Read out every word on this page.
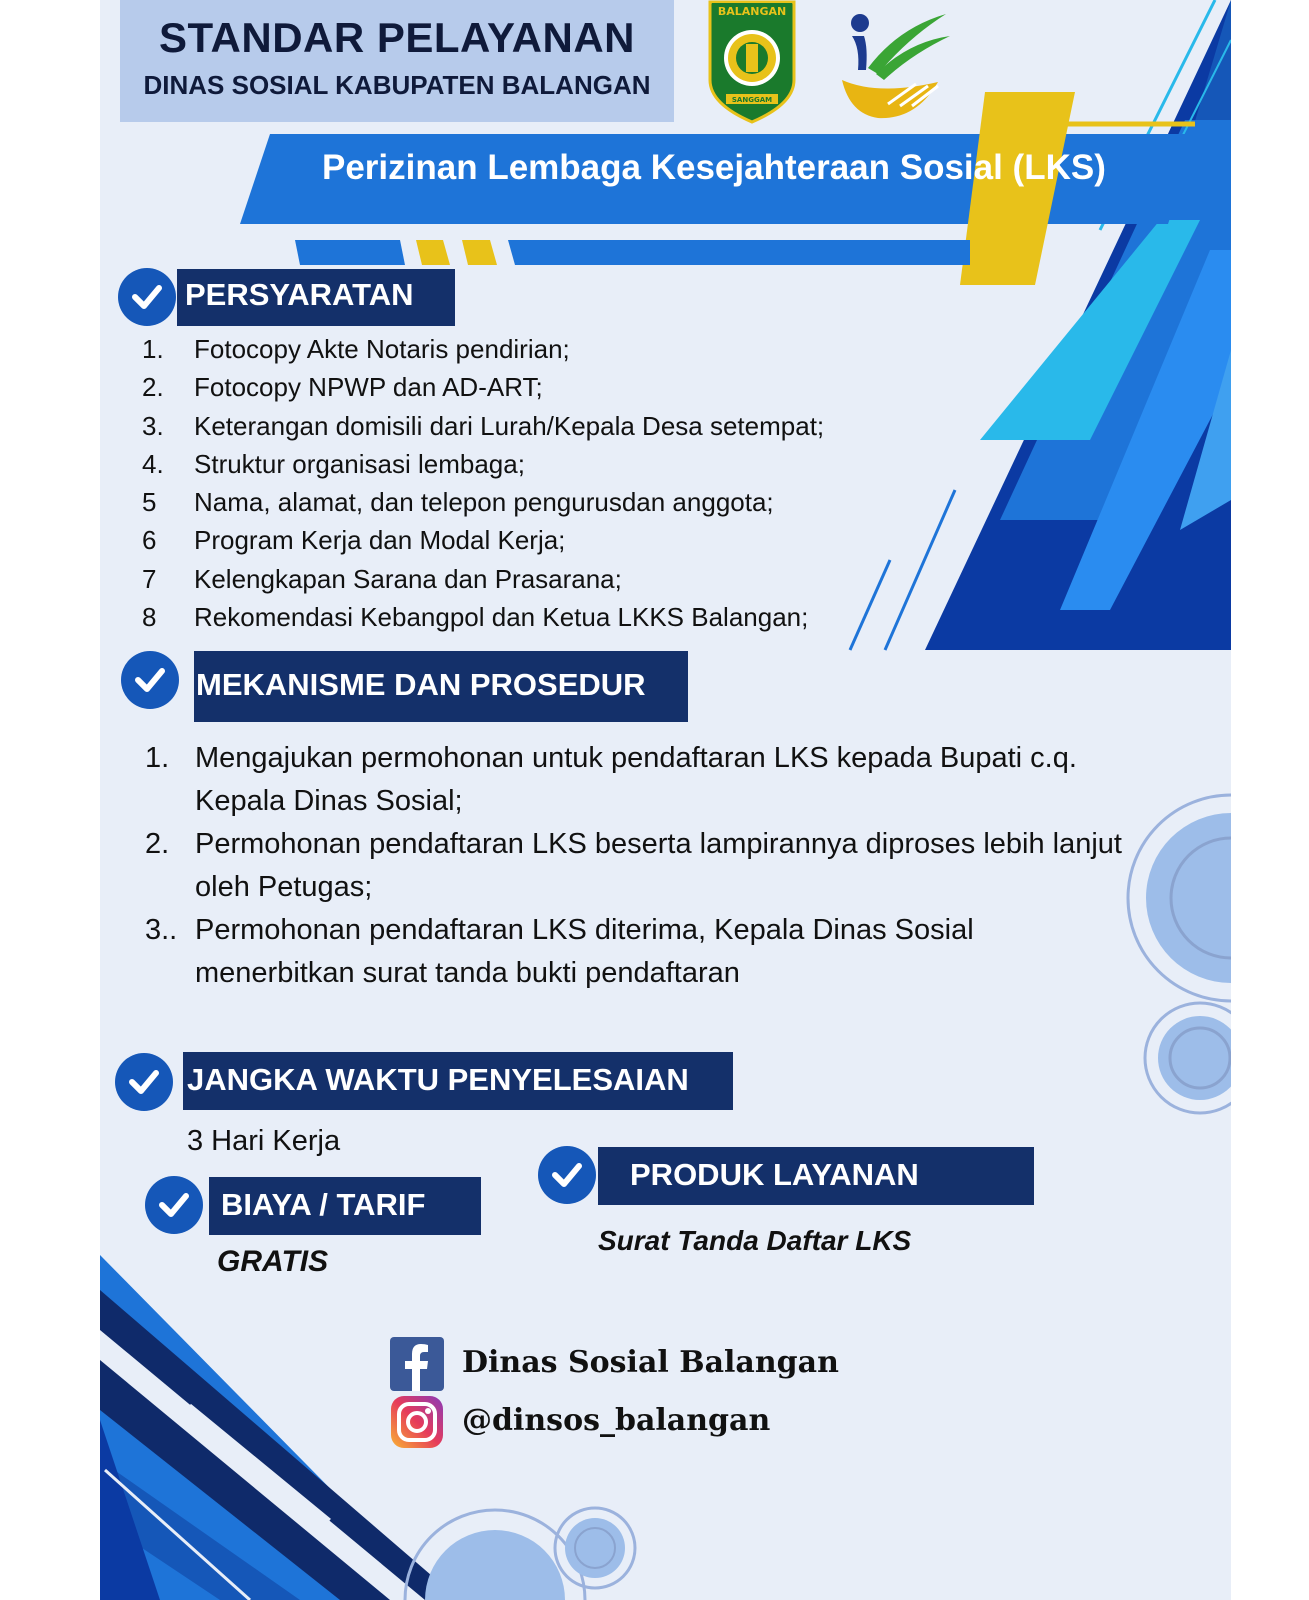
STANDAR PELAYANAN
DINAS SOSIAL KABUPATEN BALANGAN
BALANGAN
SANGGAM
Perizinan Lembaga Kesejahteraan Sosial (LKS)
PERSYARATAN
1.	Fotocopy Akte Notaris pendirian;
2.	Fotocopy NPWP dan AD-ART;
3.	Keterangan domisili dari Lurah/Kepala Desa setempat;
4.	Struktur organisasi lembaga;
5	Nama, alamat, dan telepon pengurusdan anggota;
6	Program Kerja dan Modal Kerja;
7	Kelengkapan Sarana dan Prasarana;
8	Rekomendasi Kebangpol dan Ketua LKKS Balangan;
MEKANISME DAN PROSEDUR
1. Mengajukan permohonan untuk pendaftaran LKS kepada Bupati c.q. Kepala Dinas Sosial;
2. Permohonan pendaftaran LKS beserta lampirannya diproses lebih lanjut oleh Petugas;
3.. Permohonan pendaftaran LKS diterima, Kepala Dinas Sosial menerbitkan surat tanda bukti pendaftaran
JANGKA WAKTU PENYELESAIAN
3 Hari Kerja
BIAYA / TARIF
GRATIS
PRODUK LAYANAN
Surat Tanda Daftar LKS
Dinas Sosial Balangan
@dinsos_balangan
